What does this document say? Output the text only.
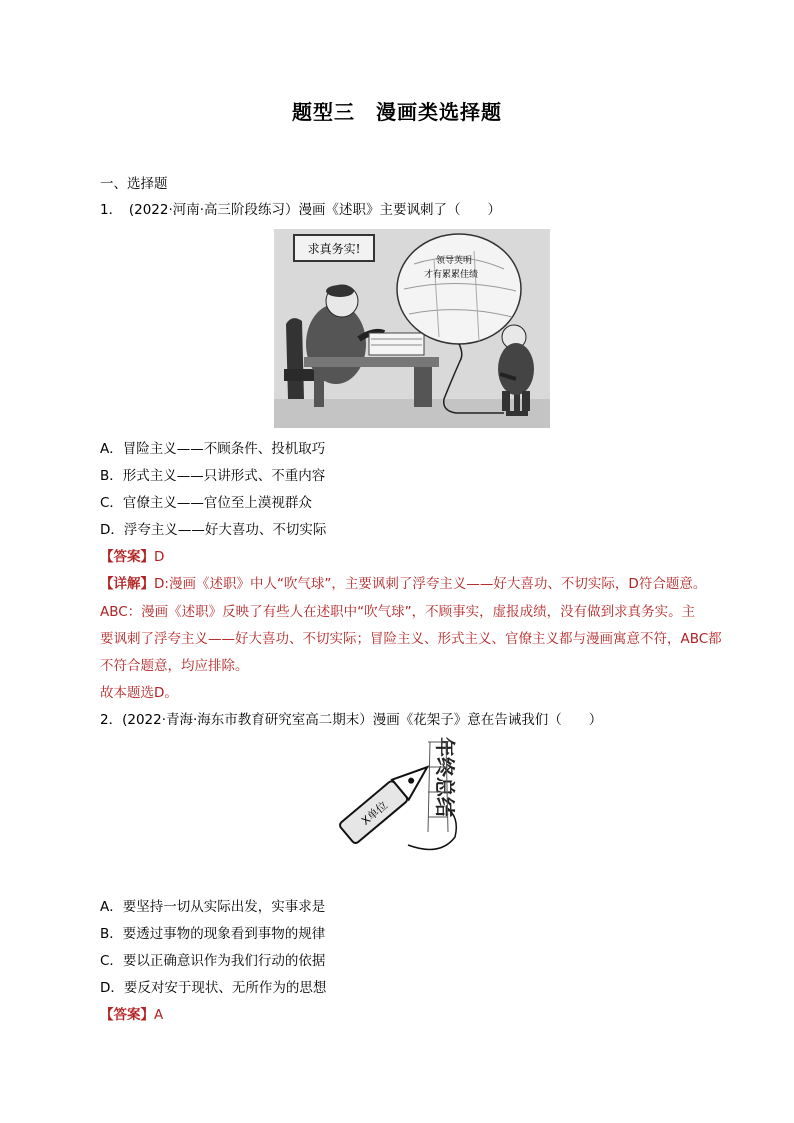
题型三　漫画类选择题
一、选择题
1．　(2022·河南·高三阶段练习）漫画《述职》主要讽刺了（　　）
求真务实!
领导英明
才有累累佳绩
A．冒险主义——不顾条件、投机取巧
B．形式主义——只讲形式、不重内容
C．官僚主义——官位至上漠视群众
D．浮夸主义——好大喜功、不切实际
【答案】D
【详解】D:漫画《述职》中人“吹气球”，主要讽刺了浮夸主义——好大喜功、不切实际，D符合题意。
ABC：漫画《述职》反映了有些人在述职中“吹气球”，不顾事实，虚报成绩，没有做到求真务实。主
要讽刺了浮夸主义——好大喜功、不切实际；冒险主义、形式主义、官僚主义都与漫画寓意不符，ABC都
不符合题意，均应排除。
故本题选D。
2．(2022·青海·海东市教育研究室高二期末）漫画《花架子》意在告诫我们（　　）
X单位 年终总结
A．要坚持一切从实际出发，实事求是
B．要透过事物的现象看到事物的规律
C．要以正确意识作为我们行动的依据
D．要反对安于现状、无所作为的思想
【答案】A
